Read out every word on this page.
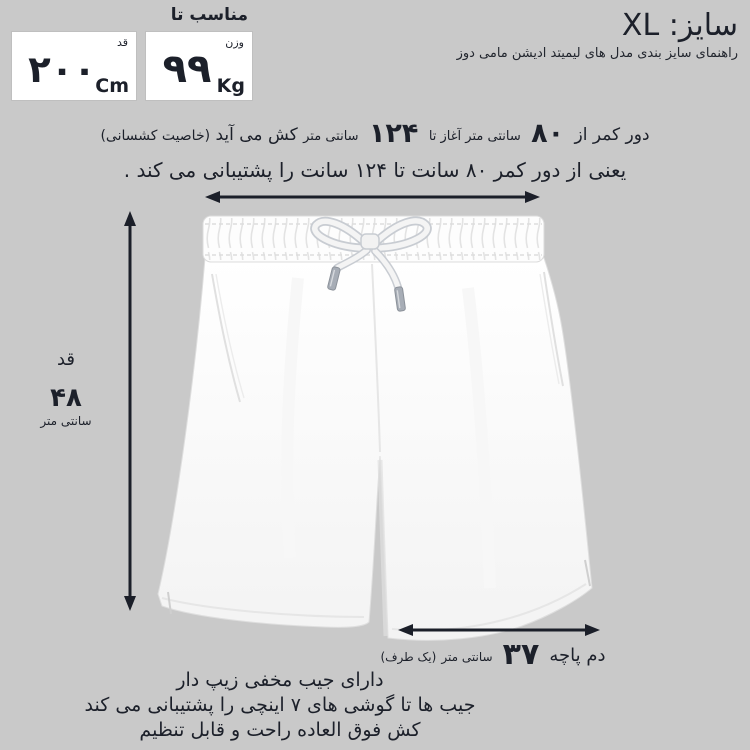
سایز: XL
راهنمای سایز بندی مدل های لیمیتد ادیشن مامی دوز
مناسب تا
قد
۲۰۰ Cm
وزن
۹۹ Kg
دور کمر از ۸۰ سانتی متر آغاز تا ۱۲۴ سانتی متر کش می آید (خاصیت کشسانی)
یعنی از دور کمر ۸۰ سانت تا ۱۲۴ سانت را پشتیبانی می کند .
قد
۴۸
سانتی متر
دم پاچه ۳۷ سانتی متر (یک طرف)
دارای جیب مخفی زیپ دار
جیب ها تا گوشی های ۷ اینچی را پشتیبانی می کند
کش فوق العاده راحت و قابل تنظیم
